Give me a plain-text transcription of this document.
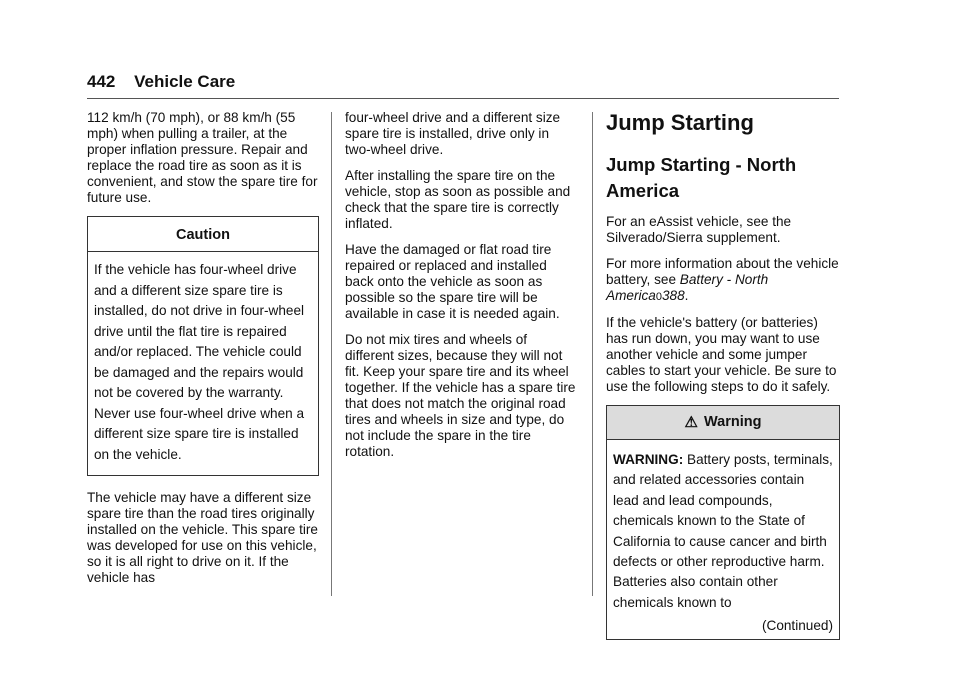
442 Vehicle Care

112 km/h (70 mph), or 88 km/h (55 mph) when pulling a trailer, at the proper inflation pressure. Repair and replace the road tire as soon as it is convenient, and stow the spare tire for future use.

Caution
If the vehicle has four-wheel drive and a different size spare tire is installed, do not drive in four-wheel drive until the flat tire is repaired and/or replaced. The vehicle could be damaged and the repairs would not be covered by the warranty. Never use four-wheel drive when a different size spare tire is installed on the vehicle.

The vehicle may have a different size spare tire than the road tires originally installed on the vehicle. This spare tire was developed for use on this vehicle, so it is all right to drive on it. If the vehicle has

four-wheel drive and a different size spare tire is installed, drive only in two-wheel drive.

After installing the spare tire on the vehicle, stop as soon as possible and check that the spare tire is correctly inflated.

Have the damaged or flat road tire repaired or replaced and installed back onto the vehicle as soon as possible so the spare tire will be available in case it is needed again.

Do not mix tires and wheels of different sizes, because they will not fit. Keep your spare tire and its wheel together. If the vehicle has a spare tire that does not match the original road tires and wheels in size and type, do not include the spare in the tire rotation.

Jump Starting
Jump Starting - North America

For an eAssist vehicle, see the Silverado/Sierra supplement.

For more information about the vehicle battery, see Battery - North America0388.

If the vehicle's battery (or batteries) has run down, you may want to use another vehicle and some jumper cables to start your vehicle. Be sure to use the following steps to do it safely.

⚠ Warning
WARNING: Battery posts, terminals, and related accessories contain lead and lead compounds, chemicals known to the State of California to cause cancer and birth defects or other reproductive harm. Batteries also contain other chemicals known to
(Continued)
